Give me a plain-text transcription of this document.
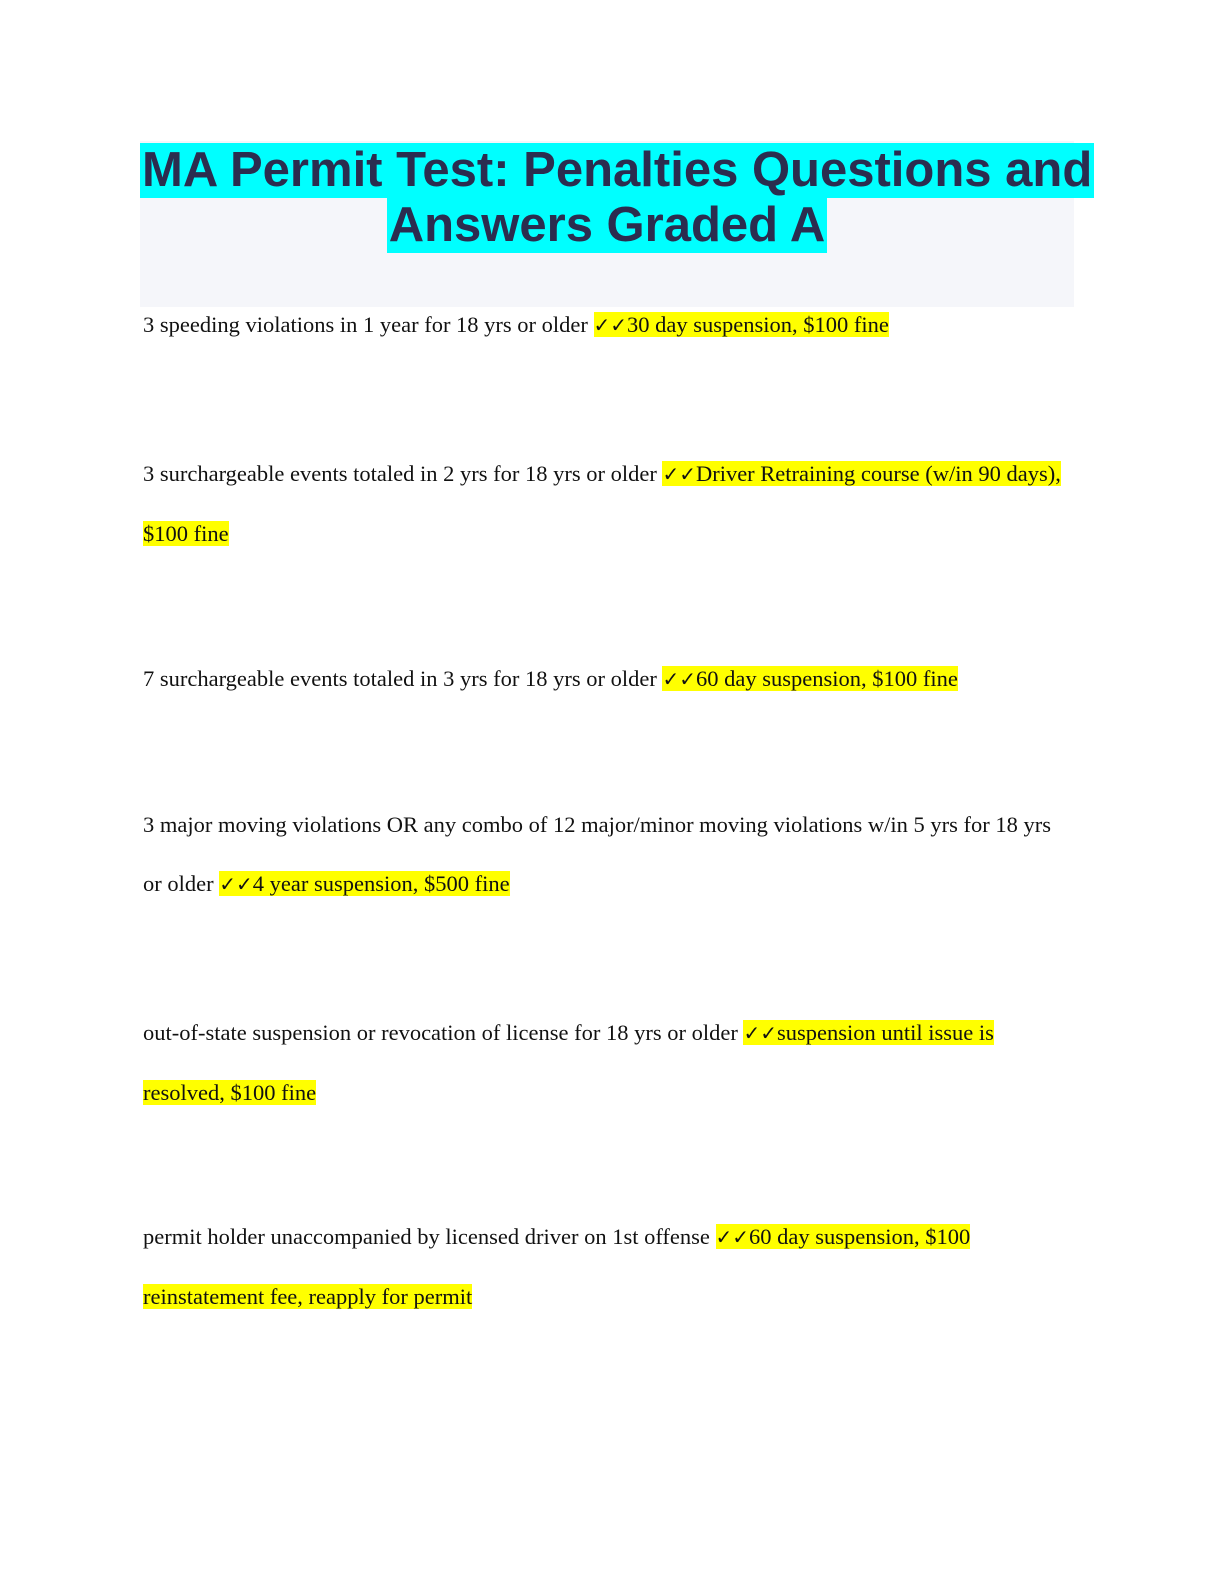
MA Permit Test: Penalties Questions and
Answers Graded A

3 speeding violations in 1 year for 18 yrs or older ✓✓30 day suspension, $100 fine

3 surchargeable events totaled in 2 yrs for 18 yrs or older ✓✓Driver Retraining course (w/in 90 days), $100 fine

7 surchargeable events totaled in 3 yrs for 18 yrs or older ✓✓60 day suspension, $100 fine

3 major moving violations OR any combo of 12 major/minor moving violations w/in 5 yrs for 18 yrs or older ✓✓4 year suspension, $500 fine

out-of-state suspension or revocation of license for 18 yrs or older ✓✓suspension until issue is resolved, $100 fine

permit holder unaccompanied by licensed driver on 1st offense ✓✓60 day suspension, $100 reinstatement fee, reapply for permit
